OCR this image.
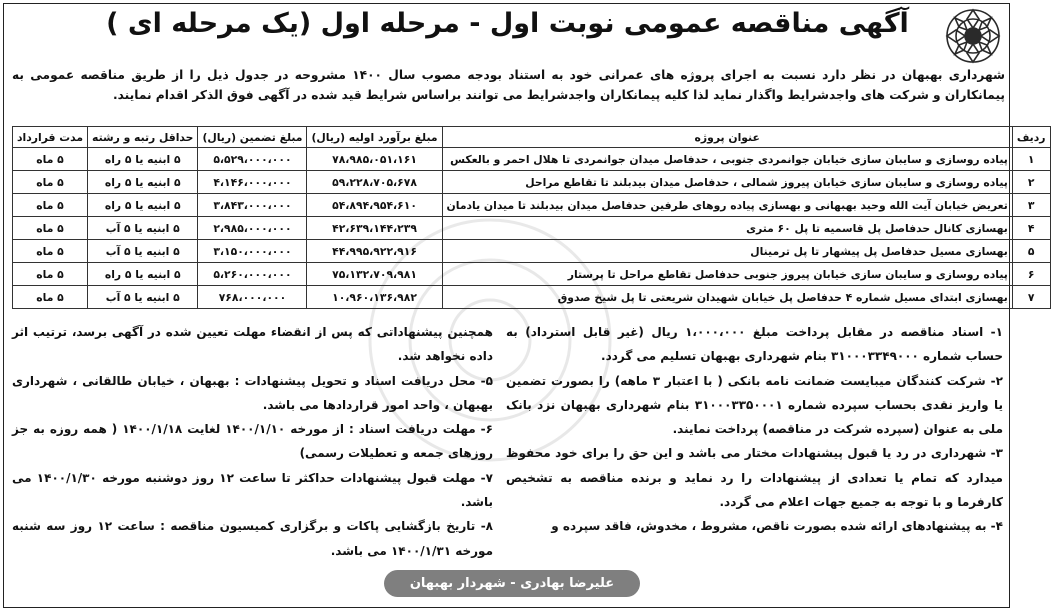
آگهی مناقصه عمومی نوبت اول - مرحله اول (یک مرحله ای )
شهرداری بهبهان در نظر دارد نسبت به اجرای پروژه های عمرانی خود به استناد بودجه مصوب سال ۱۴۰۰ مشروحه در جدول ذیل را از طریق مناقصه عمومی به پیمانکاران و شرکت های واجدشرایط واگذار نماید لذا کلیه پیمانکاران واجدشرایط می توانند براساس شرایط قید شده در آگهی فوق الذکر اقدام نمایند.
ردیف	عنوان پروژه	مبلغ برآورد اولیه (ریال)	مبلغ تضمین (ریال)	حداقل رتبه و رشته	مدت قرارداد
۱	پیاده روسازی و سایبان سازی خیابان جوانمردی جنوبی ، حدفاصل میدان جوانمردی تا هلال احمر و بالعکس	۷۸،۹۸۵،۰۵۱،۱۶۱	۵،۵۲۹،۰۰۰،۰۰۰	۵ ابنیه یا ۵ راه	۵ ماه
۲	پیاده روسازی و سایبان سازی خیابان پیروز شمالی ، حدفاصل میدان بیدبلند تا تقاطع مراحل	۵۹،۲۲۸،۷۰۵،۶۷۸	۴،۱۴۶،۰۰۰،۰۰۰	۵ ابنیه یا ۵ راه	۵ ماه
۳	تعریض خیابان آیت الله وحید بهبهانی و بهسازی پیاده روهای طرفین حدفاصل میدان بیدبلند تا میدان یادمان	۵۴،۸۹۴،۹۵۴،۶۱۰	۳،۸۴۳،۰۰۰،۰۰۰	۵ ابنیه یا ۵ راه	۵ ماه
۴	بهسازی کانال حدفاصل پل قاسمیه تا پل ۶۰ متری	۴۲،۶۳۹،۱۴۴،۲۳۹	۲،۹۸۵،۰۰۰،۰۰۰	۵ ابنیه یا ۵ آب	۵ ماه
۵	بهسازی مسیل حدفاصل پل پیشهار تا پل ترمینال	۴۴،۹۹۵،۹۲۲،۹۱۶	۳،۱۵۰،۰۰۰،۰۰۰	۵ ابنیه یا ۵ آب	۵ ماه
۶	پیاده روسازی و سایبان سازی خیابان پیروز جنوبی حدفاصل تقاطع مراحل تا پرستار	۷۵،۱۳۲،۷۰۹،۹۸۱	۵،۲۶۰،۰۰۰،۰۰۰	۵ ابنیه یا ۵ راه	۵ ماه
۷	بهسازی ابتدای مسیل شماره ۴ حدفاصل پل خیابان شهیدان شریعتی تا پل شیخ صدوق	۱۰،۹۶۰،۱۳۶،۹۸۲	۷۶۸،۰۰۰،۰۰۰	۵ ابنیه یا ۵ آب	۵ ماه

۱- اسناد مناقصه در مقابل پرداخت مبلغ ۱،۰۰۰،۰۰۰ ریال (غیر قابل استرداد) به حساب شماره ۳۱۰۰۰۳۳۴۹۰۰۰ بنام شهرداری بهبهان تسلیم می گردد.

۲- شرکت کنندگان میبایست ضمانت نامه بانکی ( با اعتبار ۳ ماهه) را بصورت تضمین یا واریز نقدی بحساب سپرده شماره ۳۱۰۰۰۳۳۵۰۰۰۱ بنام شهرداری بهبهان نزد بانک ملی به عنوان (سپرده شرکت در مناقصه) پرداخت نمایند.

۳- شهرداری در رد یا قبول پیشنهادات مختار می باشد و این حق را برای خود محفوظ میدارد که تمام یا تعدادی از پیشنهادات را رد نماید و برنده مناقصه به تشخیص کارفرما و با توجه به جمیع جهات اعلام می گردد.

۴- به پیشنهادهای ارائه شده بصورت ناقص، مشروط ، مخدوش، فاقد سپرده و

همچنین پیشنهاداتی که پس از انقضاء مهلت تعیین شده در آگهی برسد، ترتیب اثر داده نخواهد شد.

۵- محل دریافت اسناد و تحویل پیشنهادات : بهبهان ، خیابان طالقانی ، شهرداری بهبهان ، واحد امور قراردادها می باشد.

۶- مهلت دریافت اسناد : از مورخه ۱۴۰۰/۱/۱۰ لغایت ۱۴۰۰/۱/۱۸ ( همه روزه به جز روزهای جمعه و تعطیلات رسمی)

۷- مهلت قبول پیشنهادات حداکثر تا ساعت ۱۲ روز دوشنبه مورخه ۱۴۰۰/۱/۳۰ می باشد.

۸- تاریخ بازگشایی پاکات و برگزاری کمیسیون مناقصه : ساعت ۱۲ روز سه شنبه مورخه ۱۴۰۰/۱/۳۱ می باشد.

علیرضا بهادری - شهردار بهبهان
